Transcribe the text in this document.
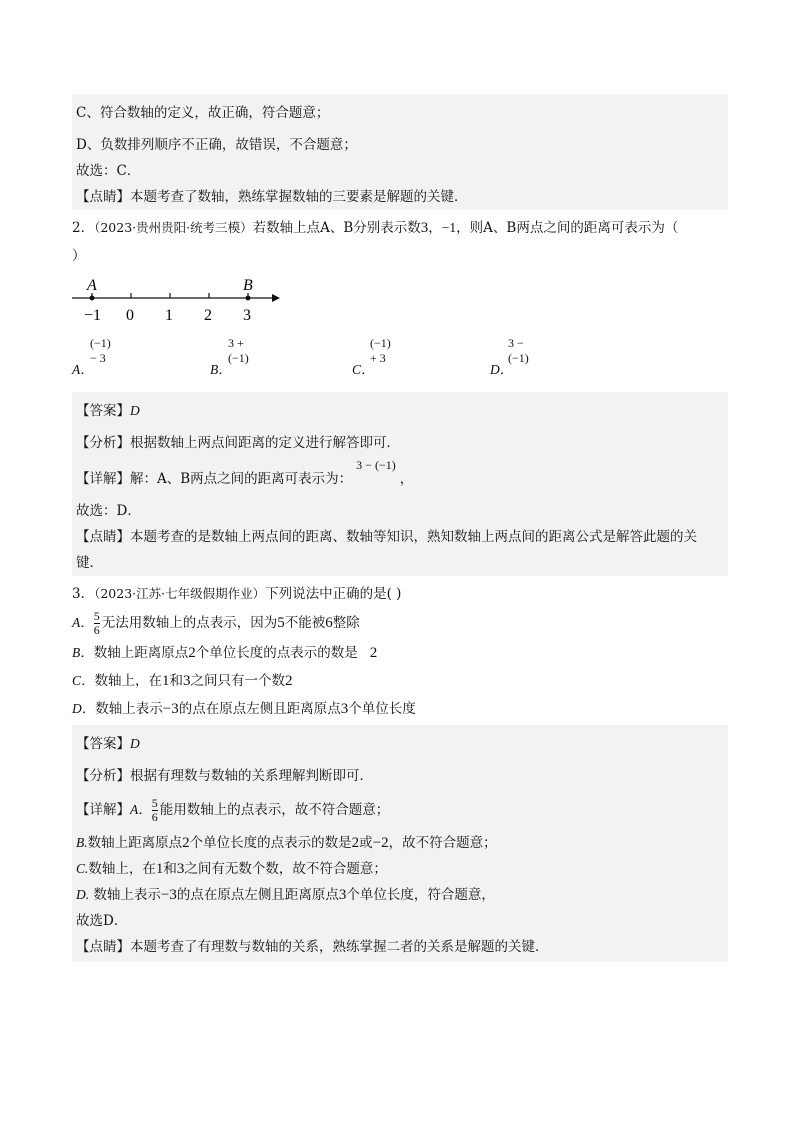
C、符合数轴的定义，故正确，符合题意；
D、负数排列顺序不正确，故错误，不合题意；
故选：C．
【点睛】本题考查了数轴，熟练掌握数轴的三要素是解题的关键．
2．（2023·贵州贵阳·统考三模）若数轴上点A、B分别表示数3，−1，则A、B两点之间的距离可表示为（
）
A	B
−1 0 1 2 3
A．
(−1) − 3
B．
3 + (−1)
C．
(−1) + 3
D．
3 − (−1)
【答案】D
【分析】根据数轴上两点间距离的定义进行解答即可．
【详解】解：A、B两点之间的距离可表示为：3 − (−1)，
故选：D．
【点睛】本题考查的是数轴上两点间的距离、数轴等知识，熟知数轴上两点间的距离公式是解答此题的关
键．
3．（2023·江苏·七年级假期作业）下列说法中正确的是( )
A． $\frac{5}{6}$ 无法用数轴上的点表示，因为5不能被6整除
B．数轴上距离原点2个单位长度的点表示的数是 2
C．数轴上，在1和3之间只有一个数2
D．数轴上表示−3的点在原点左侧且距离原点3个单位长度
【答案】D
【分析】根据有理数与数轴的关系理解判断即可．
【详解】A． $\frac{5}{6}$ 能用数轴上的点表示，故不符合题意；
B.数轴上距离原点2个单位长度的点表示的数是2或−2，故不符合题意；
C.数轴上，在1和3之间有无数个数，故不符合题意；
D. 数轴上表示−3的点在原点左侧且距离原点3个单位长度，符合题意，
故选D．
【点睛】本题考查了有理数与数轴的关系，熟练掌握二者的关系是解题的关键．
